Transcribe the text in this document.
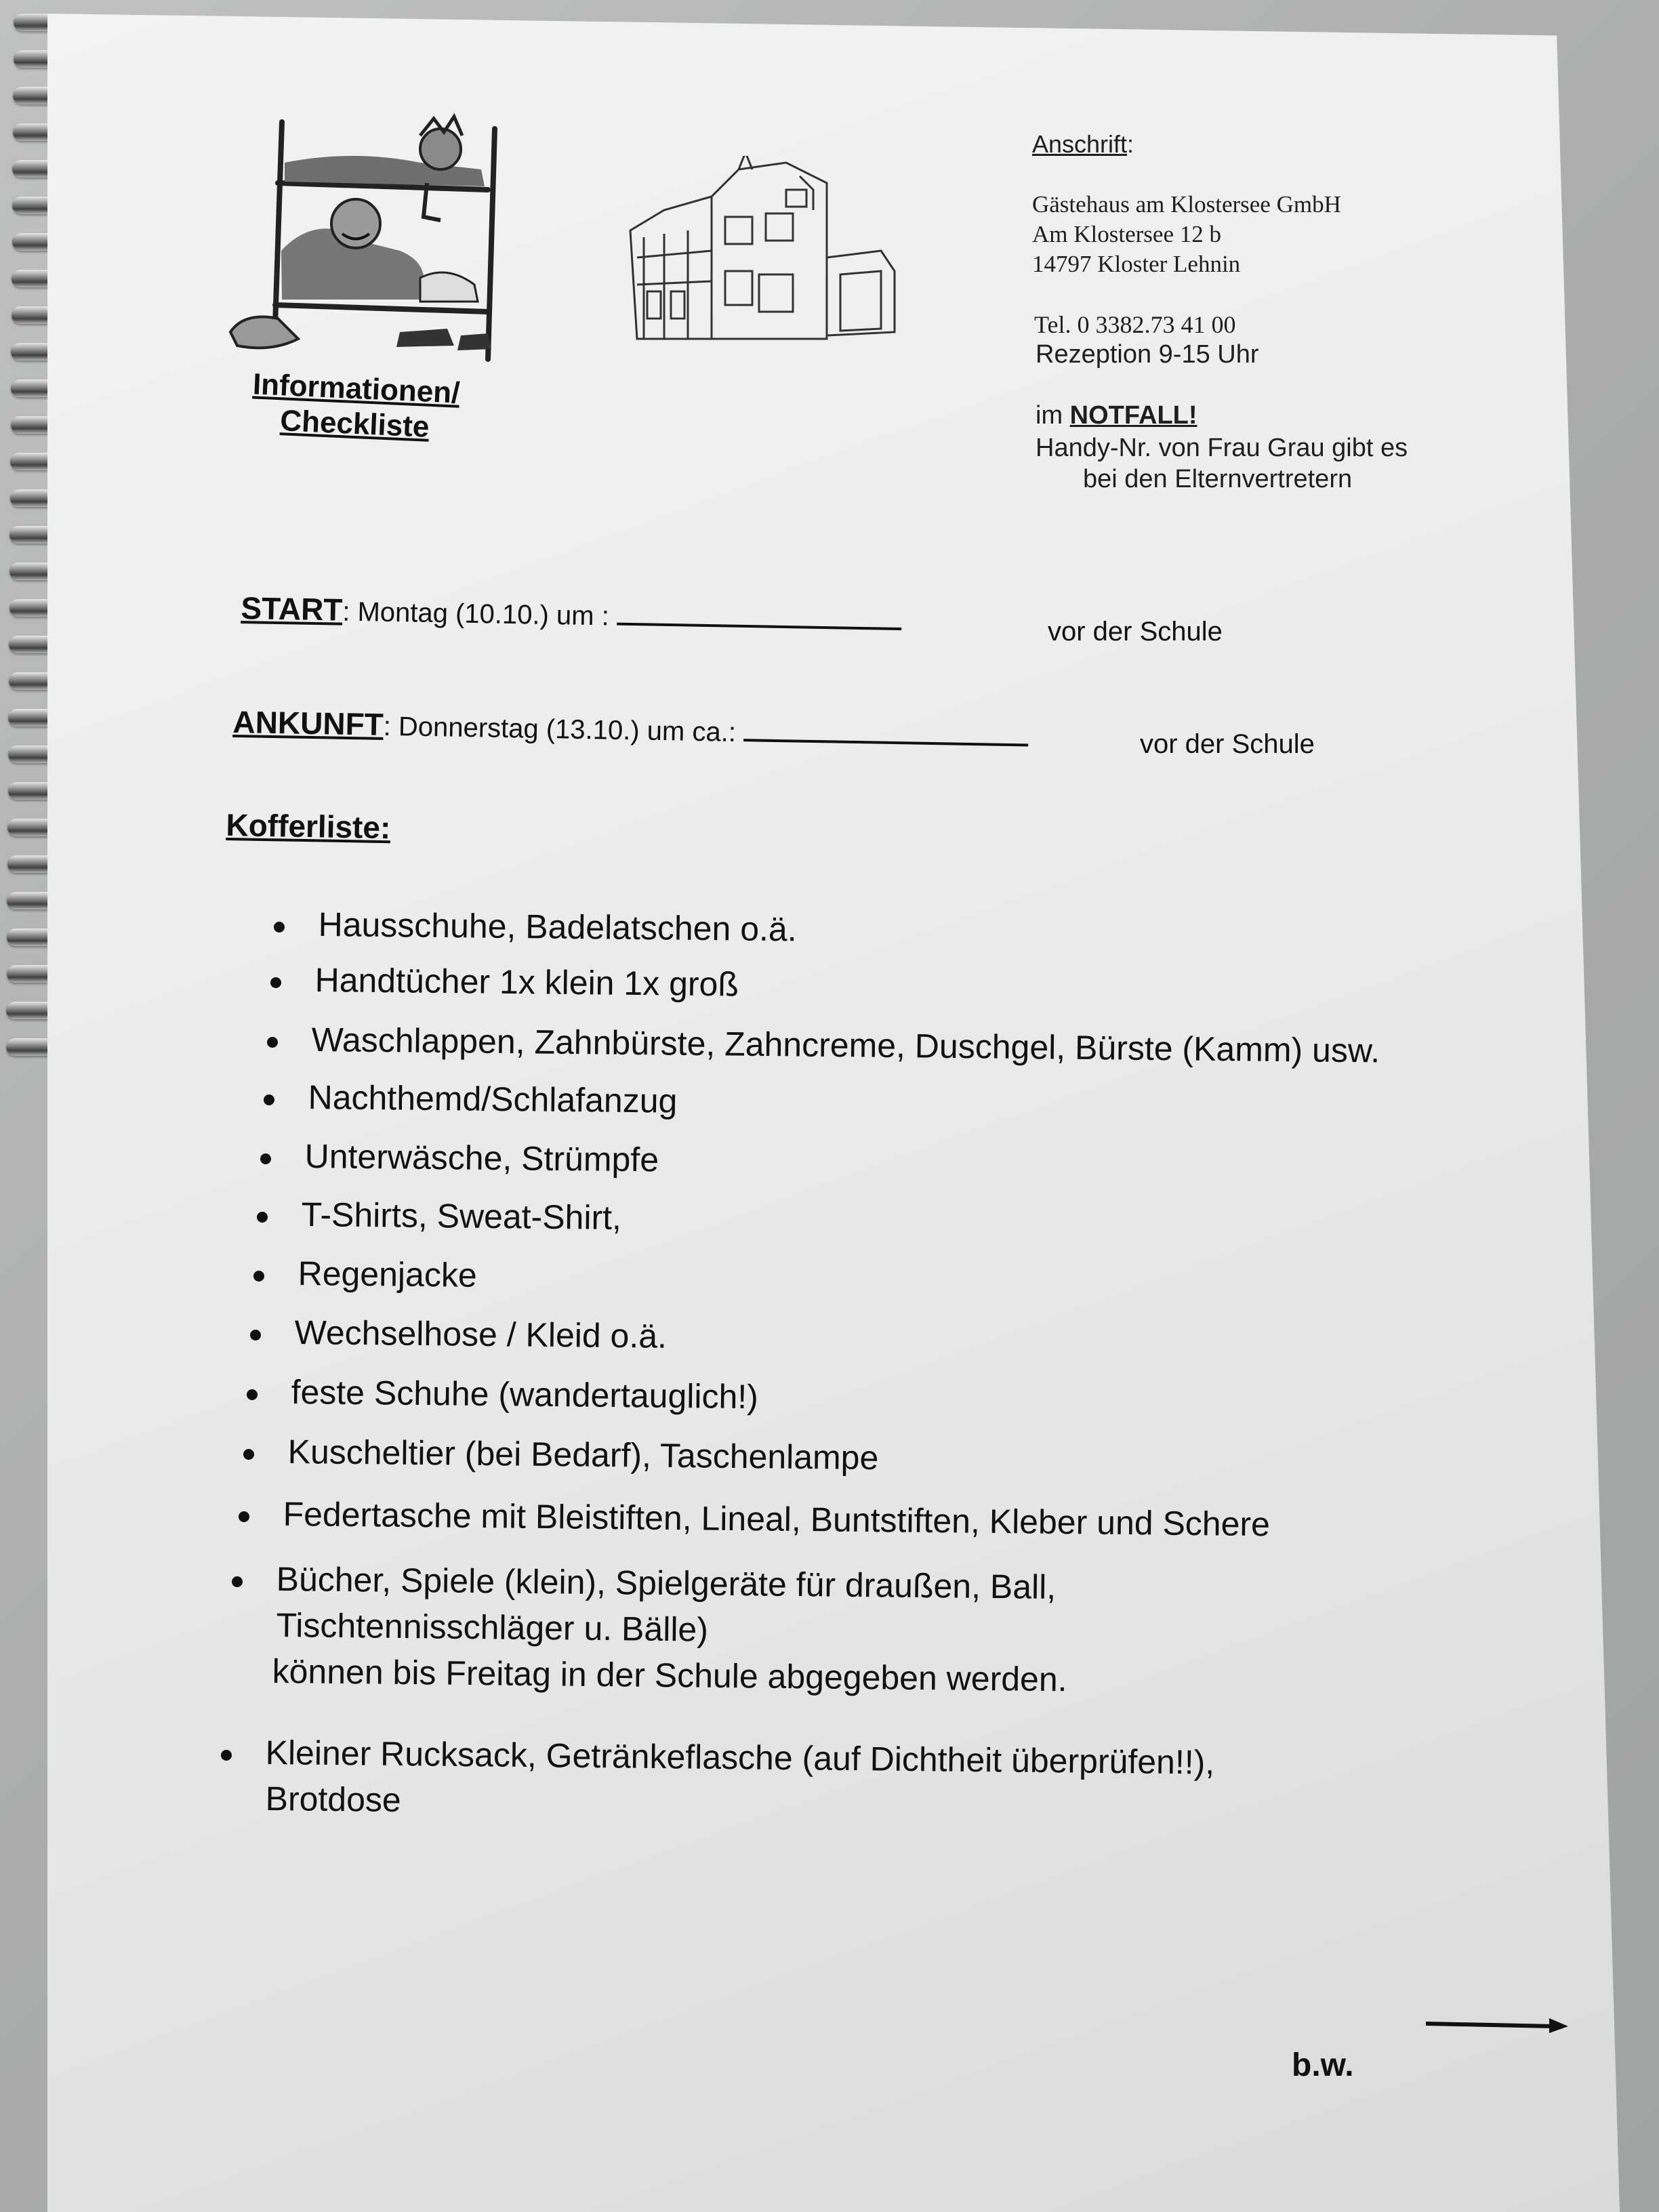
Informationen/
Checkliste
Anschrift:
Gästehaus am Klostersee GmbH
Am Klostersee 12 b
14797 Kloster Lehnin
Tel. 0 3382.73 41 00
Rezeption 9-15 Uhr
im NOTFALL!
Handy-Nr. von Frau Grau gibt es
bei den Elternvertretern
START: Montag (10.10.) um :
vor der Schule
ANKUNFT: Donnerstag (13.10.) um ca.:	vor der Schule
Kofferliste:
Hausschuhe, Badelatschen o.ä.
Handtücher 1x klein 1x groß
Waschlappen, Zahnbürste, Zahncreme, Duschgel, Bürste (Kamm) usw.
Nachthemd/Schlafanzug
Unterwäsche, Strümpfe
T-Shirts, Sweat-Shirt,
Regenjacke
Wechselhose / Kleid o.ä.
feste Schuhe (wandertauglich!)
Kuscheltier (bei Bedarf), Taschenlampe
Federtasche mit Bleistiften, Lineal, Buntstiften, Kleber und Schere
Bücher, Spiele (klein), Spielgeräte für draußen, Ball,
Tischtennisschläger u. Bälle)
können bis Freitag in der Schule abgegeben werden.
Kleiner Rucksack, Getränkeflasche (auf Dichtheit überprüfen!!),
Brotdose
b.w.
